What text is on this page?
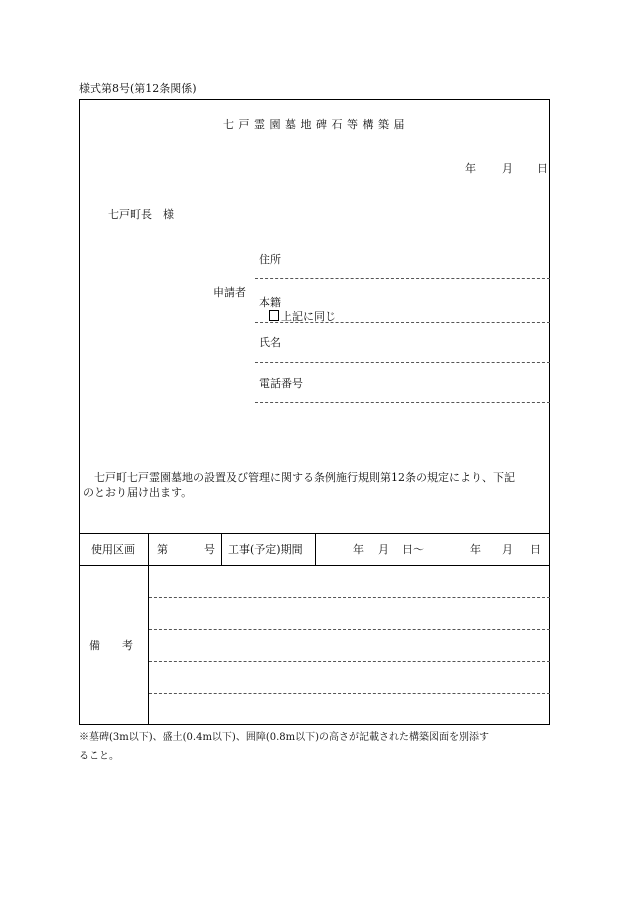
様式第8号(第12条関係)
七戸霊園墓地碑石等構築届
年 月 日
七戸町長　様
申請者
住所
本籍
上記に同じ
氏名
電話番号
七戸町七戸霊園墓地の設置及び管理に関する条例施行規則第12条の規定により、下記
のとおり届け出ます。
使用区画 第	号 工事(予定)期間	年 月 日～	年 月 日
備　　考
※墓碑(3m以下)、盛土(0.4m以下)、囲障(0.8m以下)の高さが記載された構築図面を別添す
ること。
